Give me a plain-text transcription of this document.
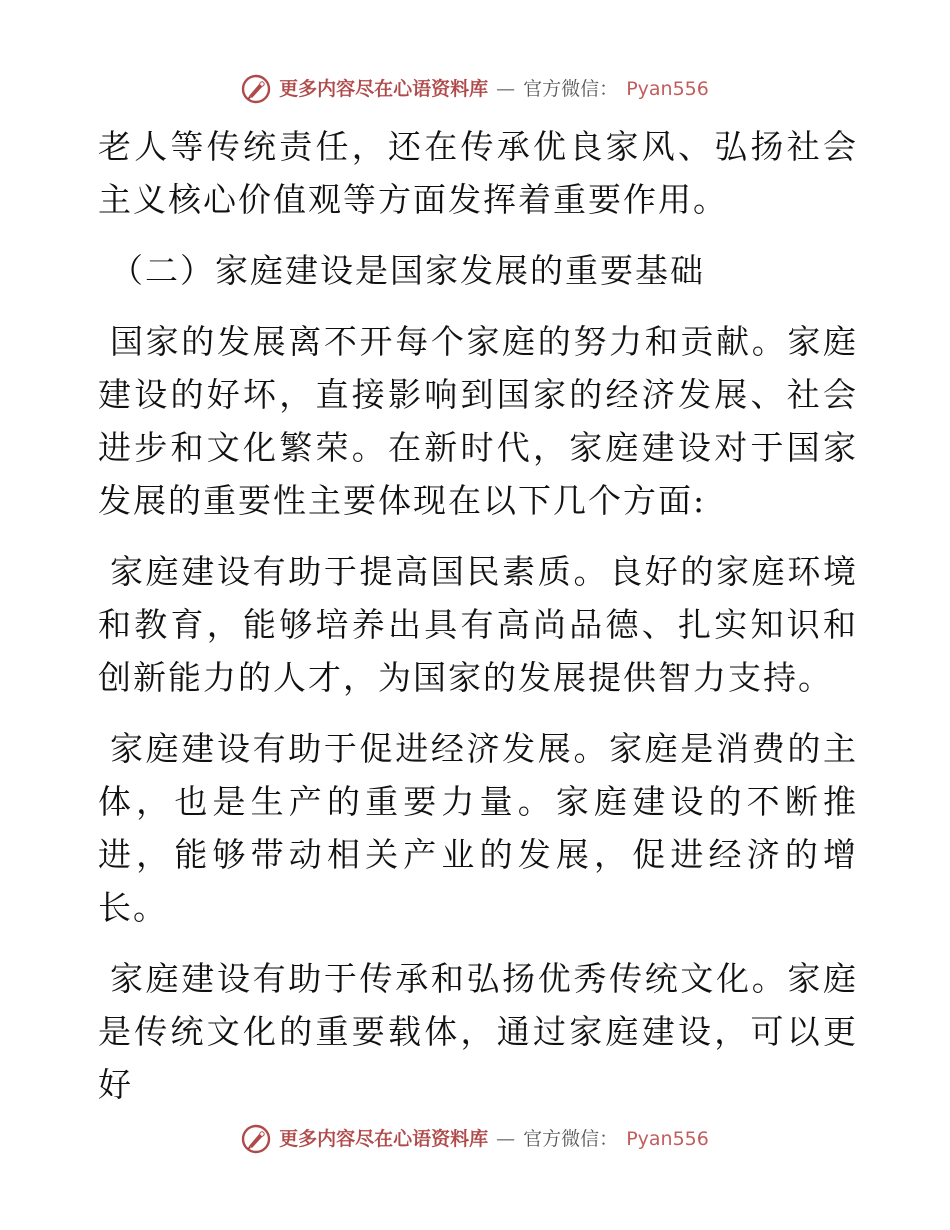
更多内容尽在心语资料库 — 官方微信： Pyan556

老人等传统责任，还在传承优良家风、弘扬社会主义核心价值观等方面发挥着重要作用。

（二）家庭建设是国家发展的重要基础

国家的发展离不开每个家庭的努力和贡献。家庭建设的好坏，直接影响到国家的经济发展、社会进步和文化繁荣。在新时代，家庭建设对于国家发展的重要性主要体现在以下几个方面:

家庭建设有助于提高国民素质。良好的家庭环境和教育，能够培养出具有高尚品德、扎实知识和创新能力的人才，为国家的发展提供智力支持。

家庭建设有助于促进经济发展。家庭是消费的主体，也是生产的重要力量。家庭建设的不断推进，能够带动相关产业的发展，促进经济的增长。

家庭建设有助于传承和弘扬优秀传统文化。家庭是传统文化的重要载体，通过家庭建设，可以更好

更多内容尽在心语资料库 — 官方微信： Pyan556
